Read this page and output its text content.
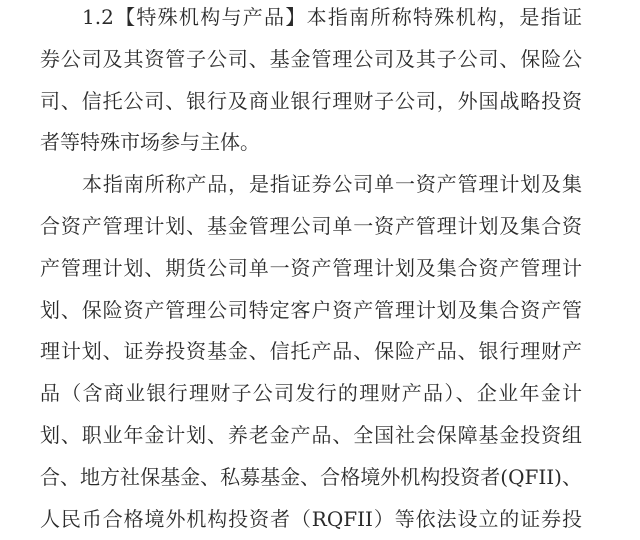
1.2【特殊机构与产品】本指南所称特殊机构，是指证
券公司及其资管子公司、基金管理公司及其子公司、保险公
司、信托公司、银行及商业银行理财子公司，外国战略投资
者等特殊市场参与主体。
本指南所称产品，是指证券公司单一资产管理计划及集
合资产管理计划、基金管理公司单一资产管理计划及集合资
产管理计划、期货公司单一资产管理计划及集合资产管理计
划、保险资产管理公司特定客户资产管理计划及集合资产管
理计划、证券投资基金、信托产品、保险产品、银行理财产
品（含商业银行理财子公司发行的理财产品）、企业年金计
划、职业年金计划、养老金产品、全国社会保障基金投资组
合、地方社保基金、私募基金、合格境外机构投资者(QFII)、
人民币合格境外机构投资者（RQFII）等依法设立的证券投
